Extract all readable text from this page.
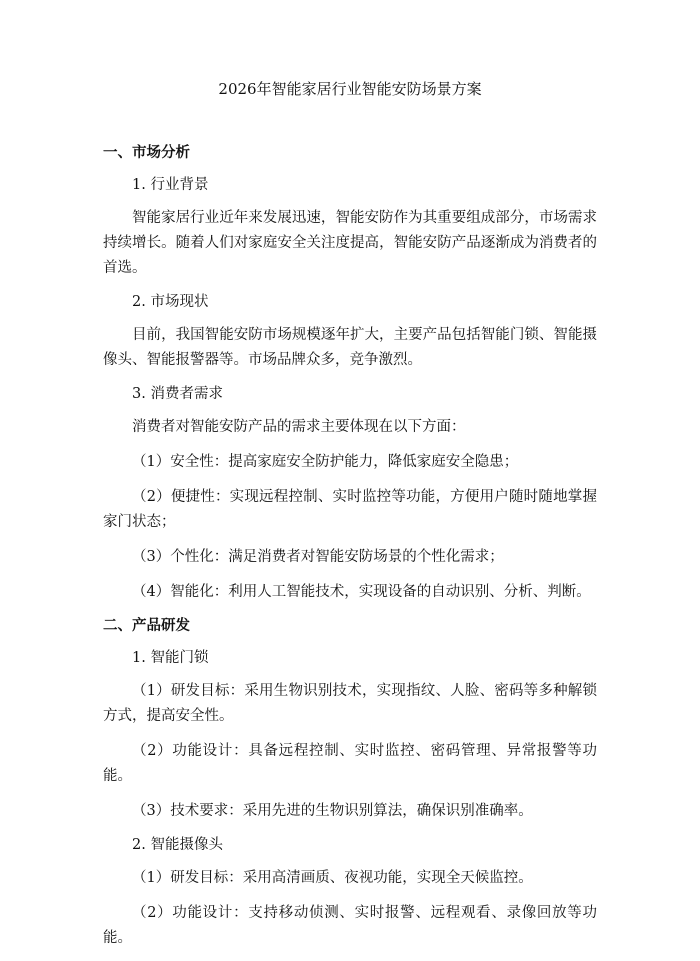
2026年智能家居行业智能安防场景方案
一、市场分析
1. 行业背景
智能家居行业近年来发展迅速，智能安防作为其重要组成部分，市场需求持续增长。随着人们对家庭安全关注度提高，智能安防产品逐渐成为消费者的首选。
2. 市场现状
目前，我国智能安防市场规模逐年扩大，主要产品包括智能门锁、智能摄像头、智能报警器等。市场品牌众多，竞争激烈。
3. 消费者需求
消费者对智能安防产品的需求主要体现在以下方面：
（1）安全性：提高家庭安全防护能力，降低家庭安全隐患；
（2）便捷性：实现远程控制、实时监控等功能，方便用户随时随地掌握家门状态；
（3）个性化：满足消费者对智能安防场景的个性化需求；
（4）智能化：利用人工智能技术，实现设备的自动识别、分析、判断。
二、产品研发
1. 智能门锁
（1）研发目标：采用生物识别技术，实现指纹、人脸、密码等多种解锁方式，提高安全性。
（2）功能设计：具备远程控制、实时监控、密码管理、异常报警等功能。
（3）技术要求：采用先进的生物识别算法，确保识别准确率。
2. 智能摄像头
（1）研发目标：采用高清画质、夜视功能，实现全天候监控。
（2）功能设计：支持移动侦测、实时报警、远程观看、录像回放等功能。
